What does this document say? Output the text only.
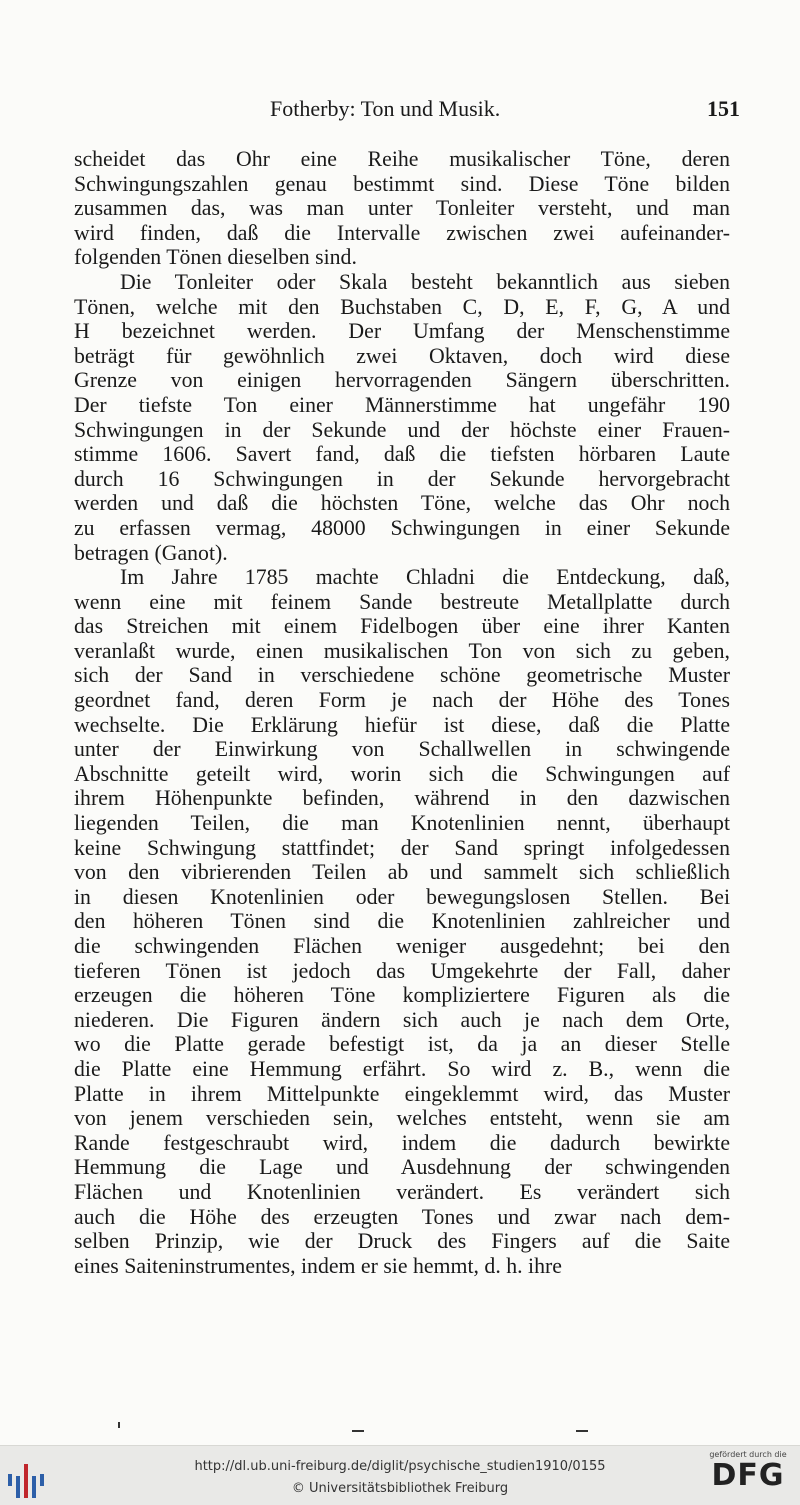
Fotherby: Ton und Musik.	151
scheidet das Ohr eine Reihe musikalischer Töne, deren
Schwingungszahlen genau bestimmt sind. Diese Töne bilden
zusammen das, was man unter Tonleiter versteht, und man
wird finden, daß die Intervalle zwischen zwei aufeinander-
folgenden Tönen dieselben sind.
Die Tonleiter oder Skala besteht bekanntlich aus sieben
Tönen, welche mit den Buchstaben C, D, E, F, G, A und
H bezeichnet werden. Der Umfang der Menschenstimme
beträgt für gewöhnlich zwei Oktaven, doch wird diese
Grenze von einigen hervorragenden Sängern überschritten.
Der tiefste Ton einer Männerstimme hat ungefähr 190
Schwingungen in der Sekunde und der höchste einer Frauen-
stimme 1606. Savert fand, daß die tiefsten hörbaren Laute
durch 16 Schwingungen in der Sekunde hervorgebracht
werden und daß die höchsten Töne, welche das Ohr noch
zu erfassen vermag, 48000 Schwingungen in einer Sekunde
betragen (Ganot).
Im Jahre 1785 machte Chladni die Entdeckung, daß,
wenn eine mit feinem Sande bestreute Metallplatte durch
das Streichen mit einem Fidelbogen über eine ihrer Kanten
veranlaßt wurde, einen musikalischen Ton von sich zu geben,
sich der Sand in verschiedene schöne geometrische Muster
geordnet fand, deren Form je nach der Höhe des Tones
wechselte. Die Erklärung hiefür ist diese, daß die Platte
unter der Einwirkung von Schallwellen in schwingende
Abschnitte geteilt wird, worin sich die Schwingungen auf
ihrem Höhenpunkte befinden, während in den dazwischen
liegenden Teilen, die man Knotenlinien nennt, überhaupt
keine Schwingung stattfindet; der Sand springt infolgedessen
von den vibrierenden Teilen ab und sammelt sich schließlich
in diesen Knotenlinien oder bewegungslosen Stellen. Bei
den höheren Tönen sind die Knotenlinien zahlreicher und
die schwingenden Flächen weniger ausgedehnt; bei den
tieferen Tönen ist jedoch das Umgekehrte der Fall, daher
erzeugen die höheren Töne kompliziertere Figuren als die
niederen. Die Figuren ändern sich auch je nach dem Orte,
wo die Platte gerade befestigt ist, da ja an dieser Stelle
die Platte eine Hemmung erfährt. So wird z. B., wenn die
Platte in ihrem Mittelpunkte eingeklemmt wird, das Muster
von jenem verschieden sein, welches entsteht, wenn sie am
Rande festgeschraubt wird, indem die dadurch bewirkte
Hemmung die Lage und Ausdehnung der schwingenden
Flächen und Knotenlinien verändert. Es verändert sich
auch die Höhe des erzeugten Tones und zwar nach dem-
selben Prinzip, wie der Druck des Fingers auf die Saite
eines Saiteninstrumentes, indem er sie hemmt, d. h. ihre
http://dl.ub.uni-freiburg.de/diglit/psychische_studien1910/0155
© Universitätsbibliothek Freiburg
gefördert durch die
DFG
